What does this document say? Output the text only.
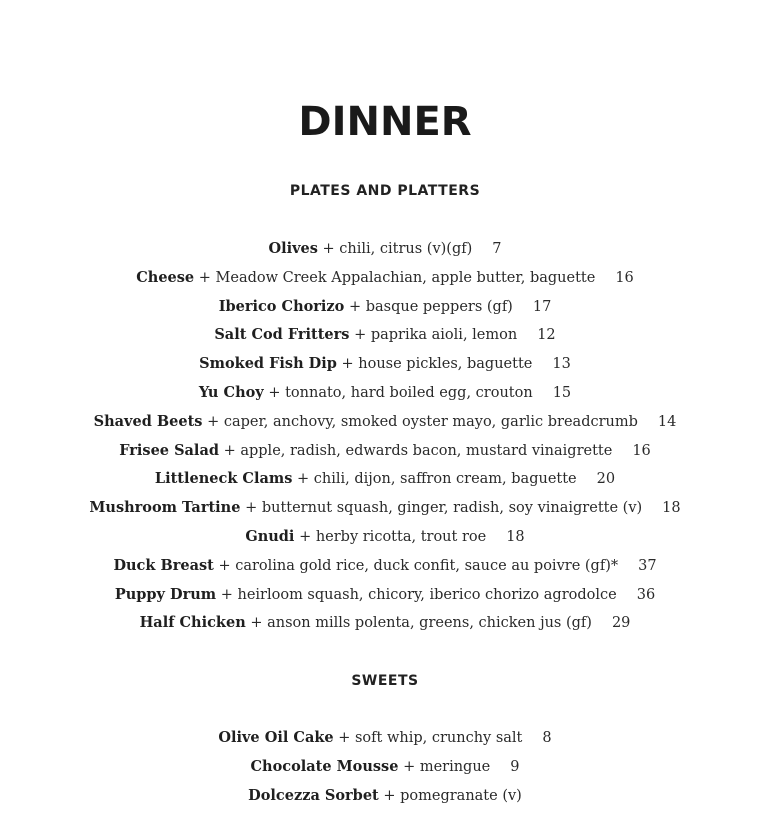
DINNER
PLATES AND PLATTERS
Olives + chili, citrus (v)(gf) 7
Cheese + Meadow Creek Appalachian, apple butter, baguette 16
Iberico Chorizo + basque peppers (gf) 17
Salt Cod Fritters + paprika aioli, lemon 12
Smoked Fish Dip + house pickles, baguette 13
Yu Choy + tonnato, hard boiled egg, crouton 15
Shaved Beets + caper, anchovy, smoked oyster mayo, garlic breadcrumb 14
Frisee Salad + apple, radish, edwards bacon, mustard vinaigrette 16
Littleneck Clams + chili, dijon, saffron cream, baguette 20
Mushroom Tartine + butternut squash, ginger, radish, soy vinaigrette (v) 18
Gnudi + herby ricotta, trout roe 18
Duck Breast + carolina gold rice, duck confit, sauce au poivre (gf)* 37
Puppy Drum + heirloom squash, chicory, iberico chorizo agrodolce 36
Half Chicken + anson mills polenta, greens, chicken jus (gf) 29
SWEETS
Olive Oil Cake + soft whip, crunchy salt 8
Chocolate Mousse + meringue 9
Dolcezza Sorbet + pomegranate (v)
